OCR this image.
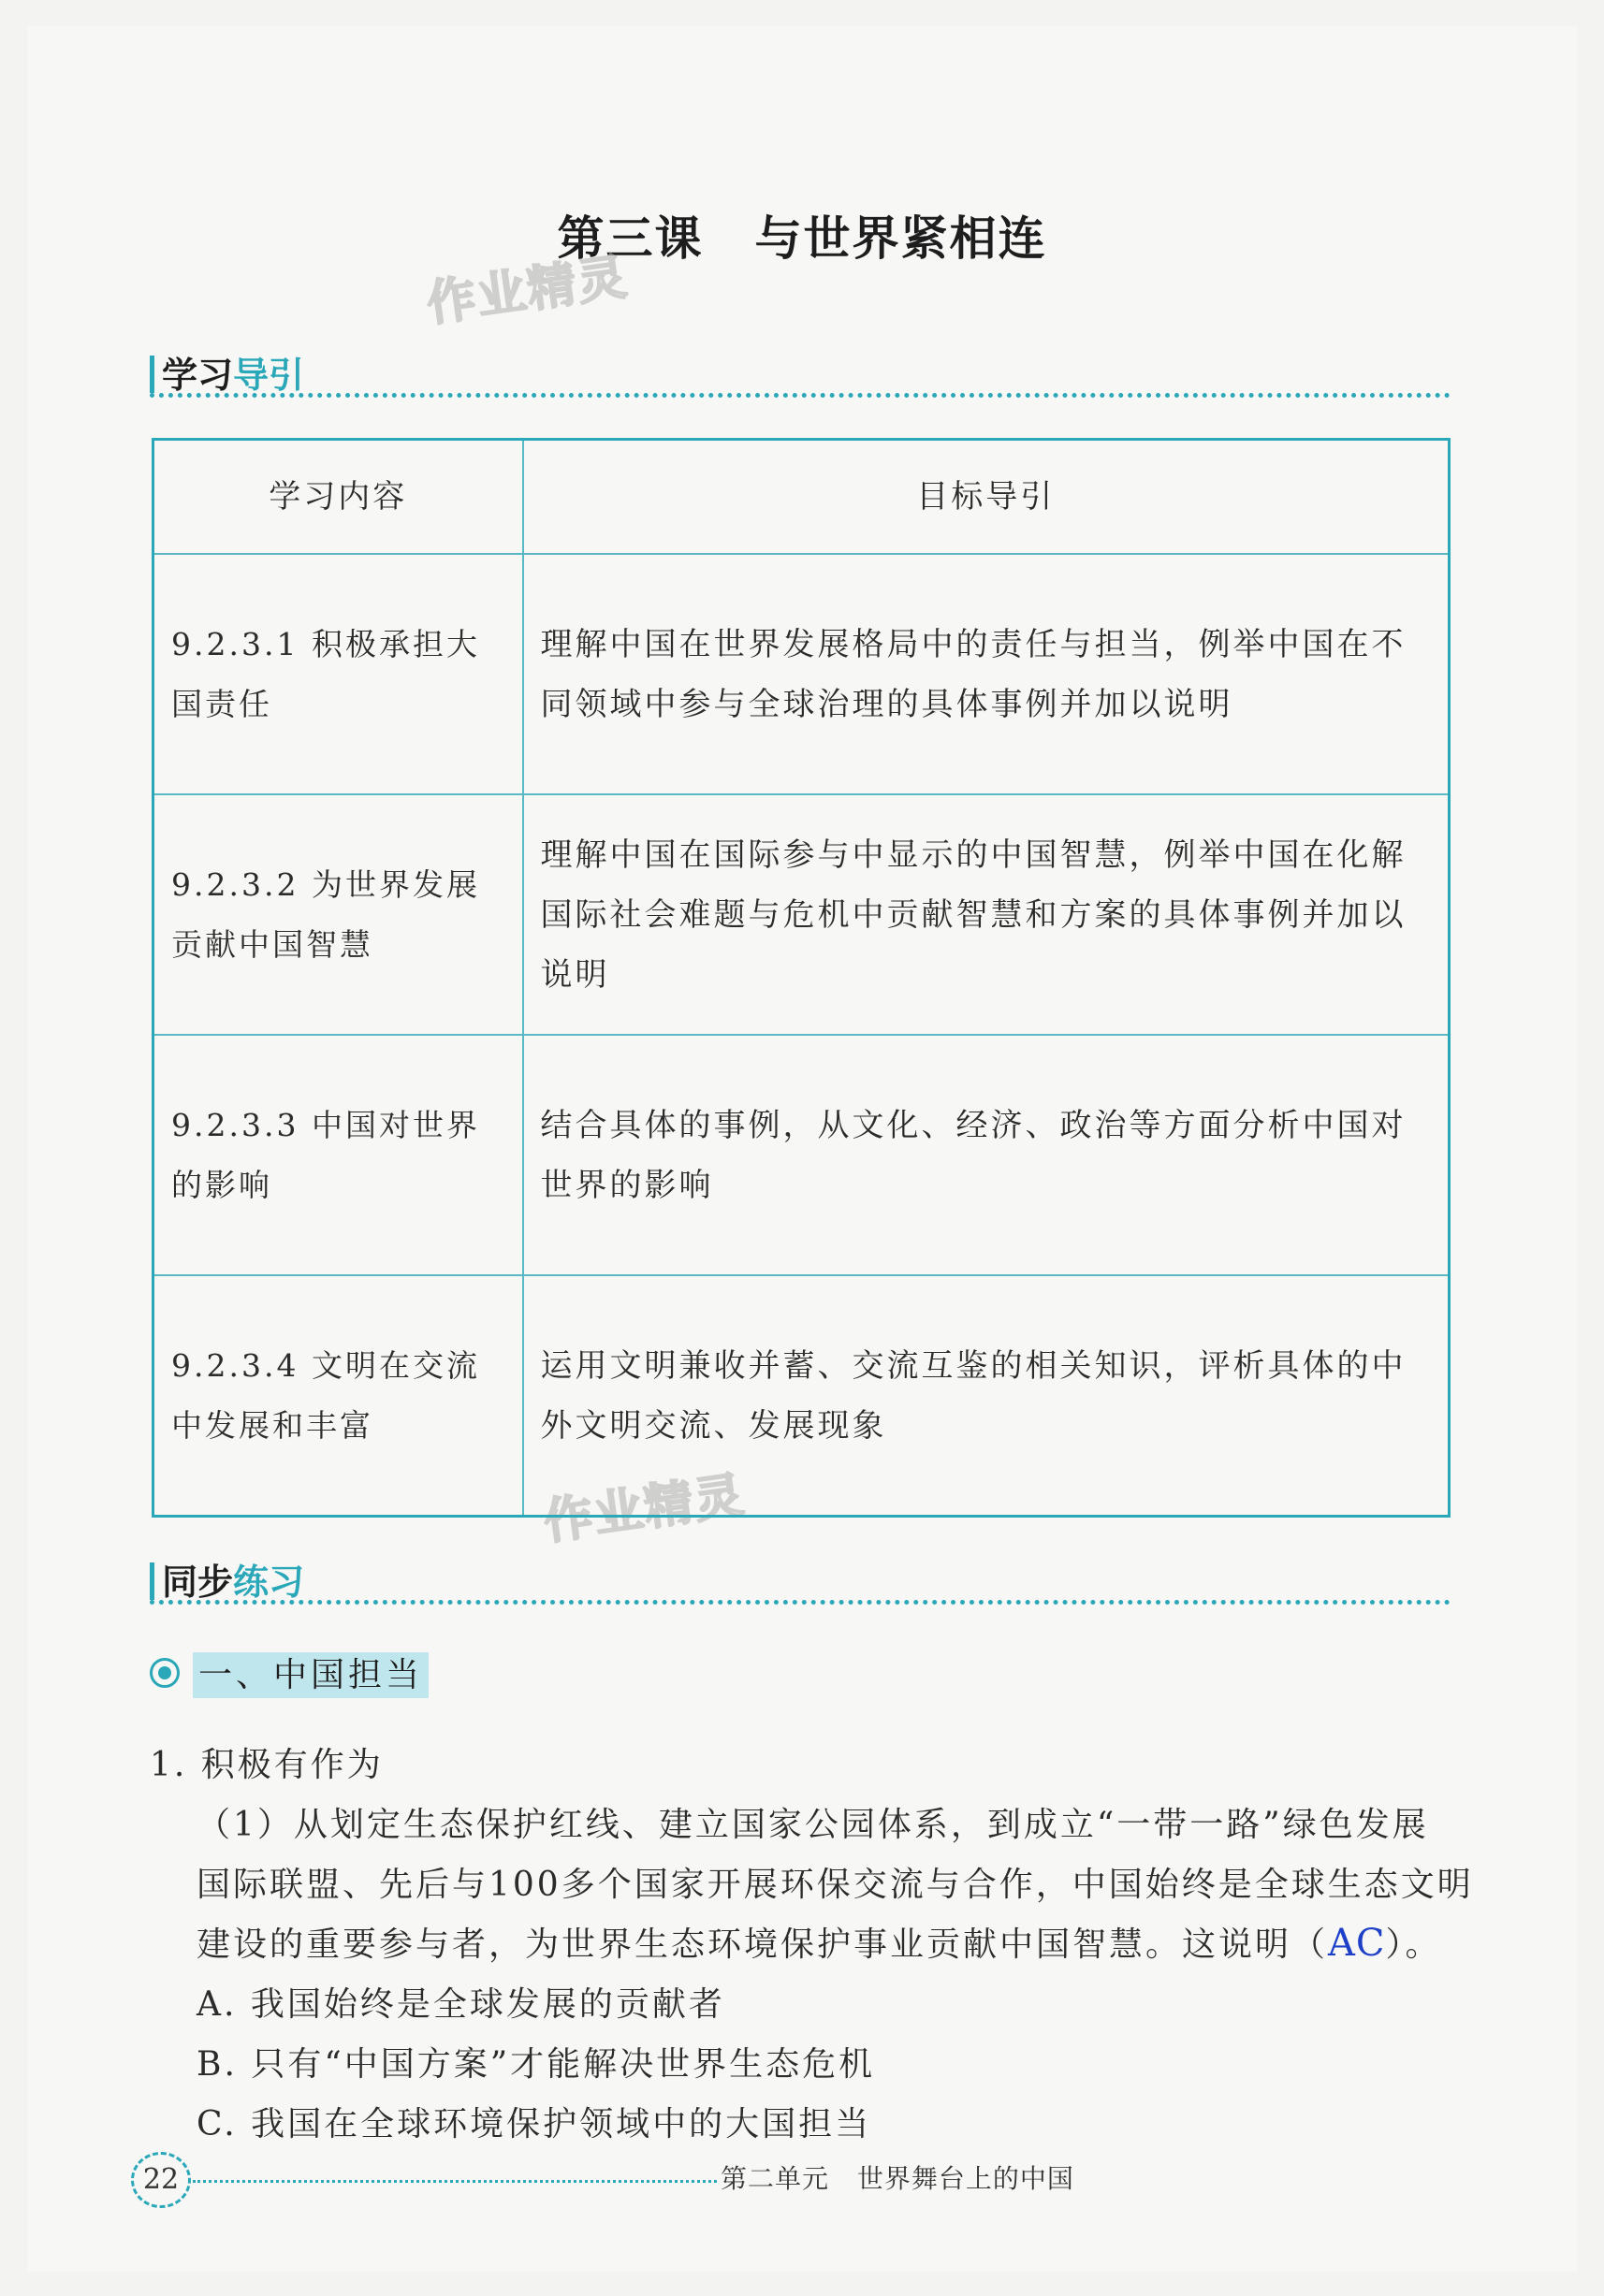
第三课 与世界紧相连
作业精灵
作业精灵
学习导引
学习内容	目标导引
9.2.3.1 积极承担大国责任	理解中国在世界发展格局中的责任与担当，例举中国在不同领域中参与全球治理的具体事例并加以说明
9.2.3.2 为世界发展贡献中国智慧	理解中国在国际参与中显示的中国智慧，例举中国在化解国际社会难题与危机中贡献智慧和方案的具体事例并加以说明
9.2.3.3 中国对世界的影响	结合具体的事例，从文化、经济、政治等方面分析中国对世界的影响
9.2.3.4 文明在交流中发展和丰富	运用文明兼收并蓄、交流互鉴的相关知识，评析具体的中外文明交流、发展现象
同步练习
一、中国担当
1. 积极有作为
（1）从划定生态保护红线、建立国家公园体系，到成立“一带一路”绿色发展
国际联盟、先后与100多个国家开展环保交流与合作，中国始终是全球生态文明
建设的重要参与者，为世界生态环境保护事业贡献中国智慧。这说明（AC）。
A. 我国始终是全球发展的贡献者
B. 只有“中国方案”才能解决世界生态危机
C. 我国在全球环境保护领域中的大国担当
22	第二单元 世界舞台上的中国
